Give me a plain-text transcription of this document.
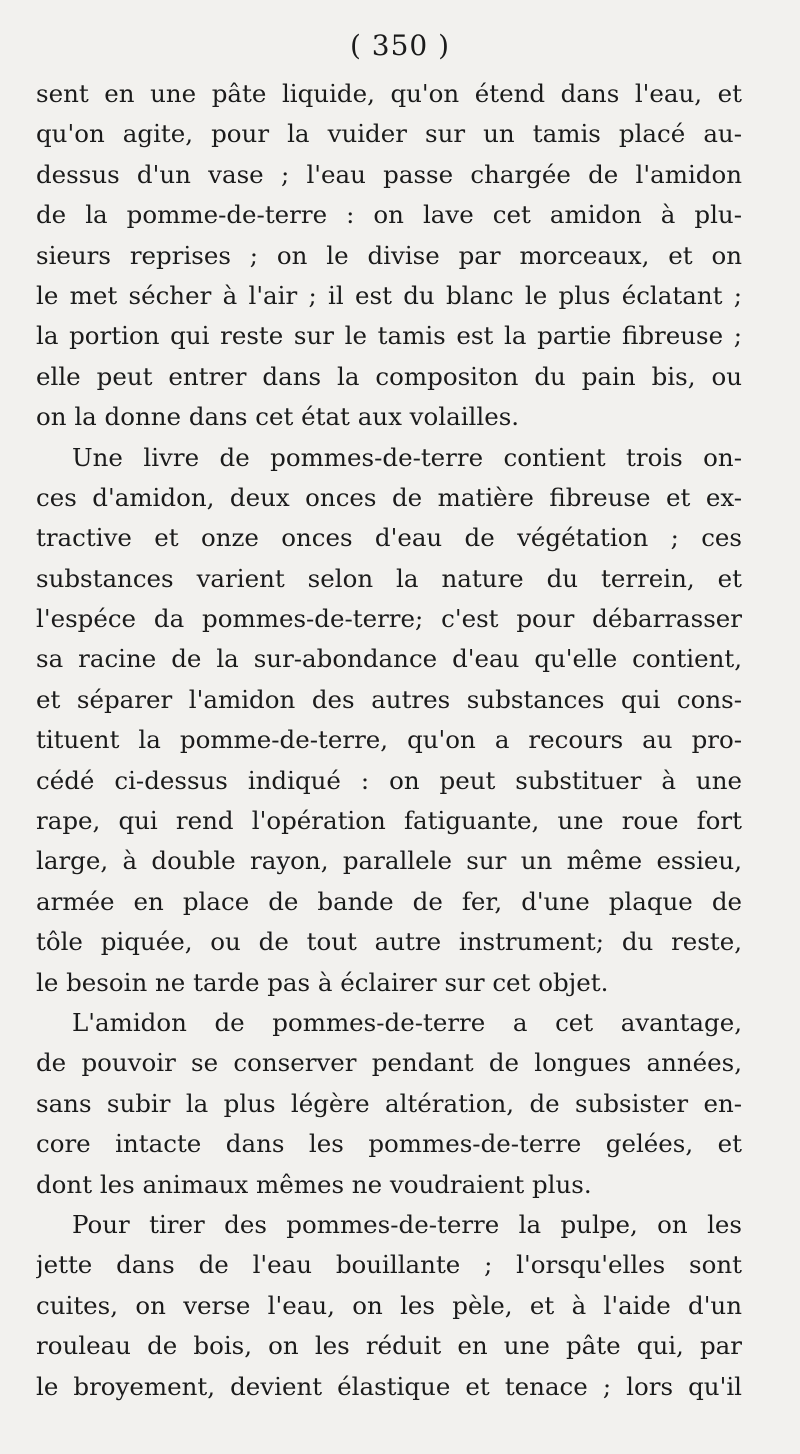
( 350 )
sent en une pâte liquide, qu'on étend dans l'eau, et
qu'on agite, pour la vuider sur un tamis placé au-
dessus d'un vase ; l'eau passe chargée de l'amidon
de la pomme-de-terre : on lave cet amidon à plu-
sieurs reprises ; on le divise par morceaux, et on
le met sécher à l'air ; il est du blanc le plus éclatant ;
la portion qui reste sur le tamis est la partie fibreuse ;
elle peut entrer dans la compositon du pain bis, ou
on la donne dans cet état aux volailles.
Une livre de pommes-de-terre contient trois on-
ces d'amidon, deux onces de matière fibreuse et ex-
tractive et onze onces d'eau de végétation ; ces
substances varient selon la nature du terrein, et
l'espéce da pommes-de-terre; c'est pour débarrasser
sa racine de la sur-abondance d'eau qu'elle contient,
et séparer l'amidon des autres substances qui cons-
tituent la pomme-de-terre, qu'on a recours au pro-
cédé ci-dessus indiqué : on peut substituer à une
rape, qui rend l'opération fatiguante, une roue fort
large, à double rayon, parallele sur un même essieu,
armée en place de bande de fer, d'une plaque de
tôle piquée, ou de tout autre instrument; du reste,
le besoin ne tarde pas à éclairer sur cet objet.
L'amidon de pommes-de-terre a cet avantage,
de pouvoir se conserver pendant de longues années,
sans subir la plus légère altération, de subsister en-
core intacte dans les pommes-de-terre gelées, et
dont les animaux mêmes ne voudraient plus.
Pour tirer des pommes-de-terre la pulpe, on les
jette dans de l'eau bouillante ; l'orsqu'elles sont
cuites, on verse l'eau, on les pèle, et à l'aide d'un
rouleau de bois, on les réduit en une pâte qui, par
le broyement, devient élastique et tenace ; lors qu'il
